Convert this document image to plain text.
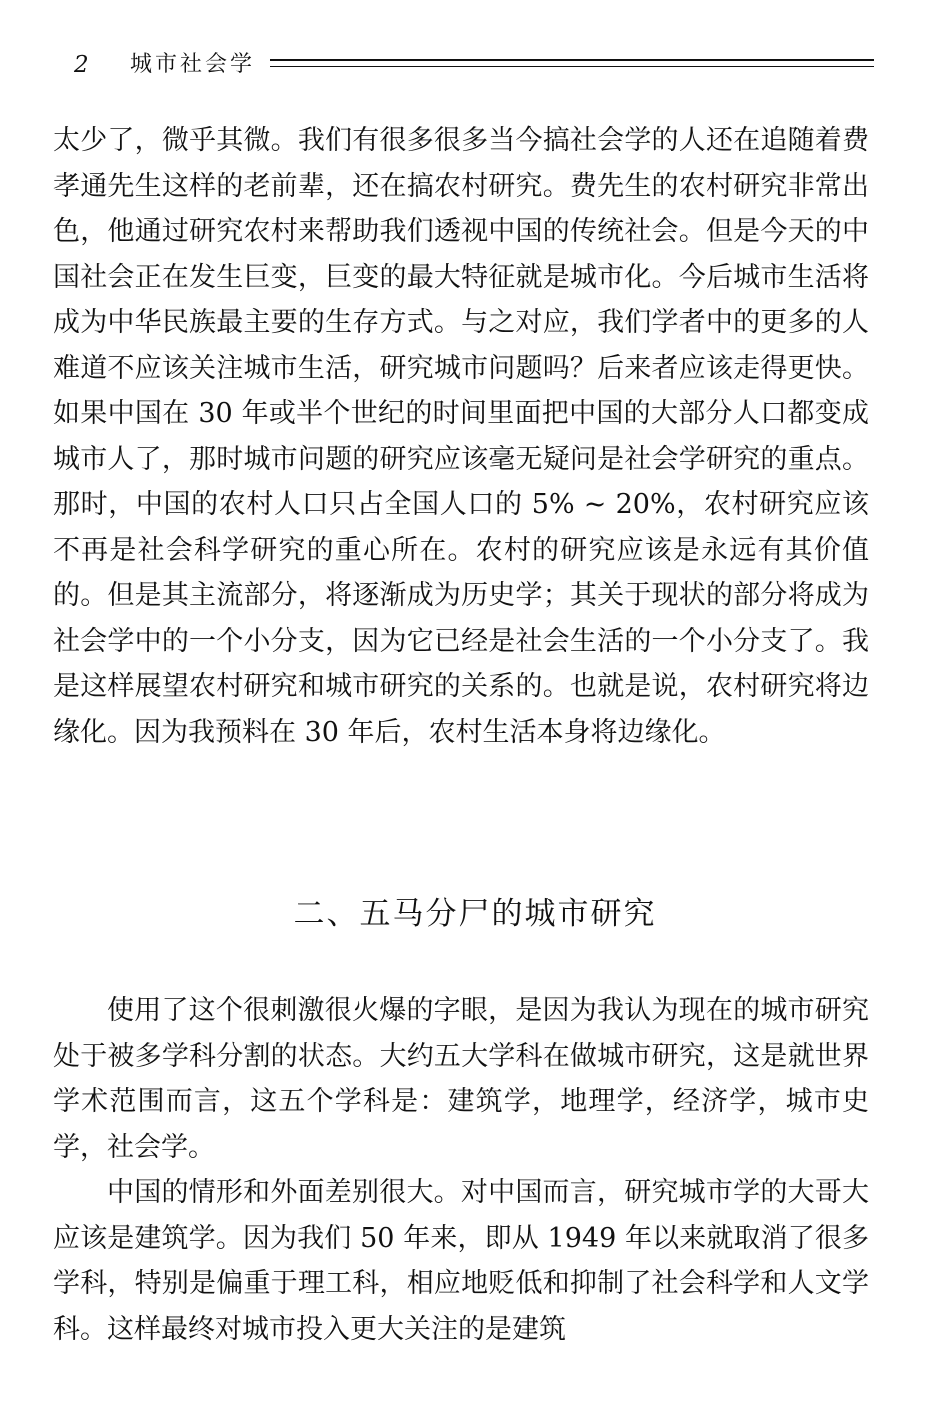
2 城市社会学

太少了，微乎其微。我们有很多很多当今搞社会学的人还在追随着费孝通先生这样的老前辈，还在搞农村研究。费先生的农村研究非常出色，他通过研究农村来帮助我们透视中国的传统社会。但是今天的中国社会正在发生巨变，巨变的最大特征就是城市化。今后城市生活将成为中华民族最主要的生存方式。与之对应，我们学者中的更多的人难道不应该关注城市生活，研究城市问题吗？后来者应该走得更快。如果中国在 30 年或半个世纪的时间里面把中国的大部分人口都变成城市人了，那时城市问题的研究应该毫无疑问是社会学研究的重点。那时，中国的农村人口只占全国人口的 5% ~ 20%，农村研究应该不再是社会科学研究的重心所在。农村的研究应该是永远有其价值的。但是其主流部分，将逐渐成为历史学；其关于现状的部分将成为社会学中的一个小分支，因为它已经是社会生活的一个小分支了。我是这样展望农村研究和城市研究的关系的。也就是说，农村研究将边缘化。因为我预料在 30 年后，农村生活本身将边缘化。

二、五马分尸的城市研究

使用了这个很刺激很火爆的字眼，是因为我认为现在的城市研究处于被多学科分割的状态。大约五大学科在做城市研究，这是就世界学术范围而言，这五个学科是：建筑学，地理学，经济学，城市史学，社会学。

中国的情形和外面差别很大。对中国而言，研究城市学的大哥大应该是建筑学。因为我们 50 年来，即从 1949 年以来就取消了很多学科，特别是偏重于理工科，相应地贬低和抑制了社会科学和人文学科。这样最终对城市投入更大关注的是建筑
